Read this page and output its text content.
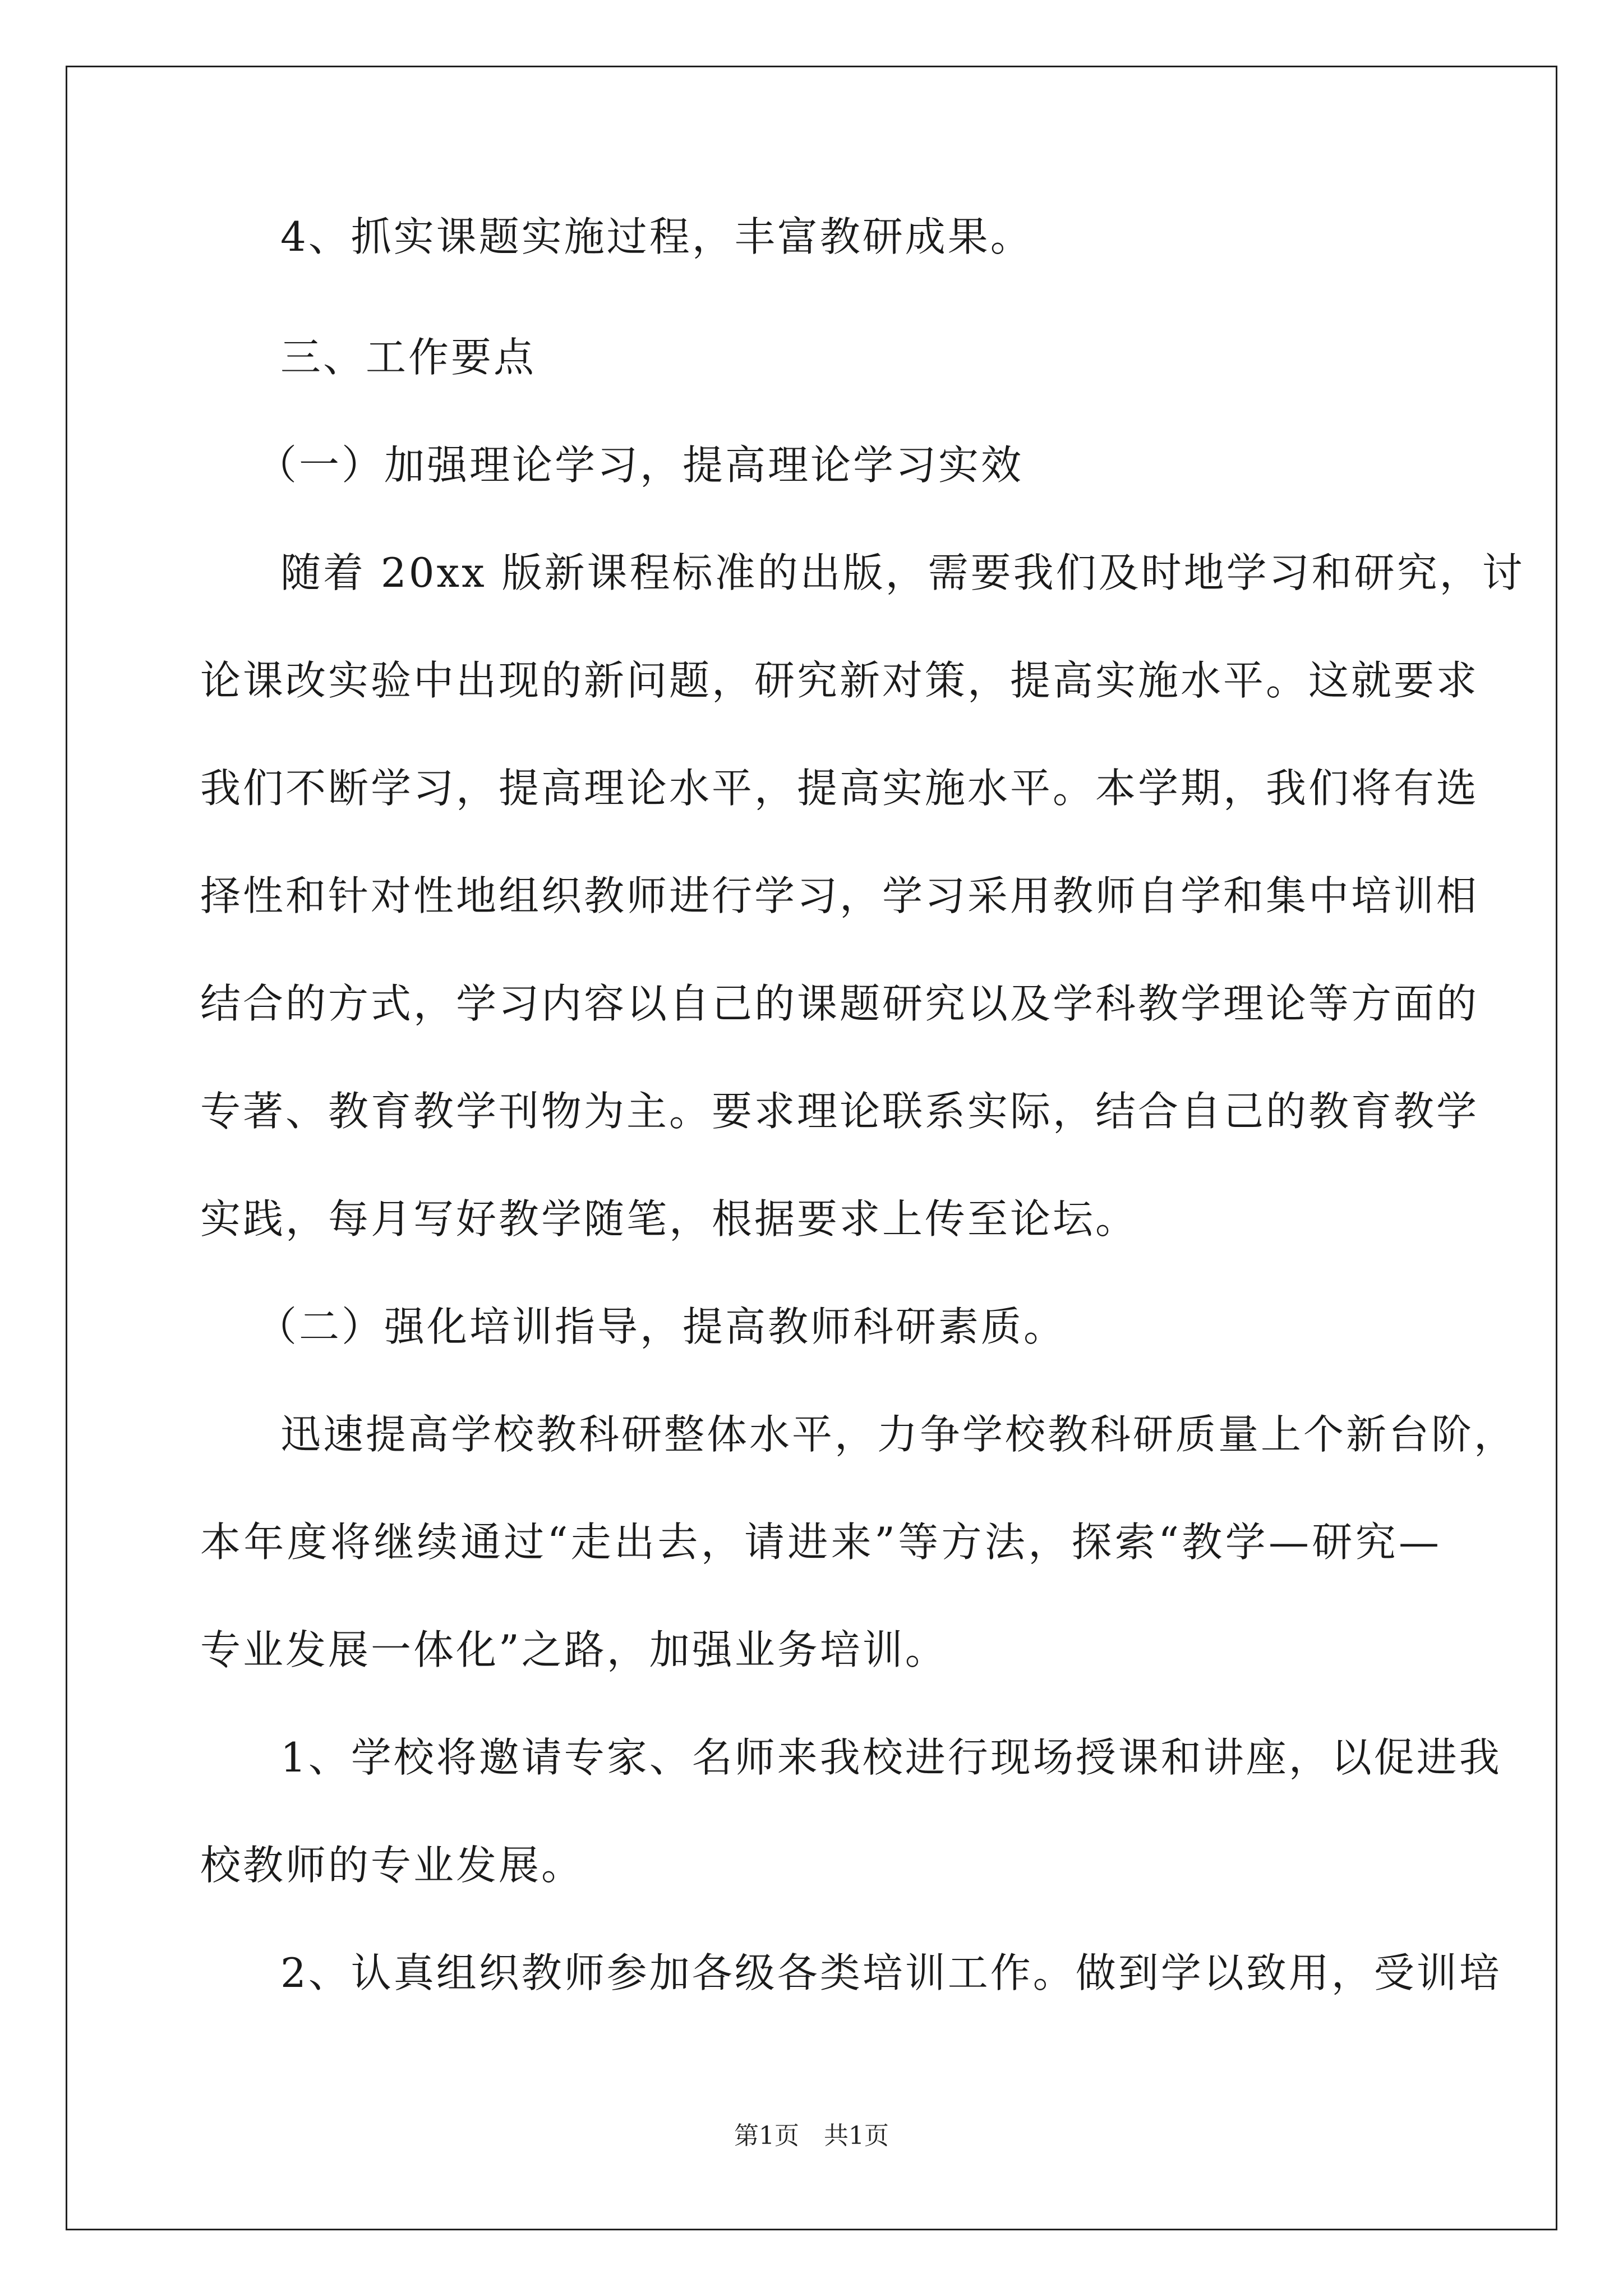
4、抓实课题实施过程，丰富教研成果。
三、工作要点
（一）加强理论学习，提高理论学习实效
随着 20xx 版新课程标准的出版，需要我们及时地学习和研究，讨
论课改实验中出现的新问题，研究新对策，提高实施水平。这就要求
我们不断学习，提高理论水平，提高实施水平。本学期，我们将有选
择性和针对性地组织教师进行学习，学习采用教师自学和集中培训相
结合的方式，学习内容以自己的课题研究以及学科教学理论等方面的
专著、教育教学刊物为主。要求理论联系实际，结合自己的教育教学
实践，每月写好教学随笔，根据要求上传至论坛。
（二）强化培训指导，提高教师科研素质。
迅速提高学校教科研整体水平，力争学校教科研质量上个新台阶，
本年度将继续通过“走出去，请进来”等方法，探索“教学—研究—
专业发展一体化”之路，加强业务培训。
1、学校将邀请专家、名师来我校进行现场授课和讲座，以促进我
校教师的专业发展。
2、认真组织教师参加各级各类培训工作。做到学以致用，受训培
第1页　共1页
